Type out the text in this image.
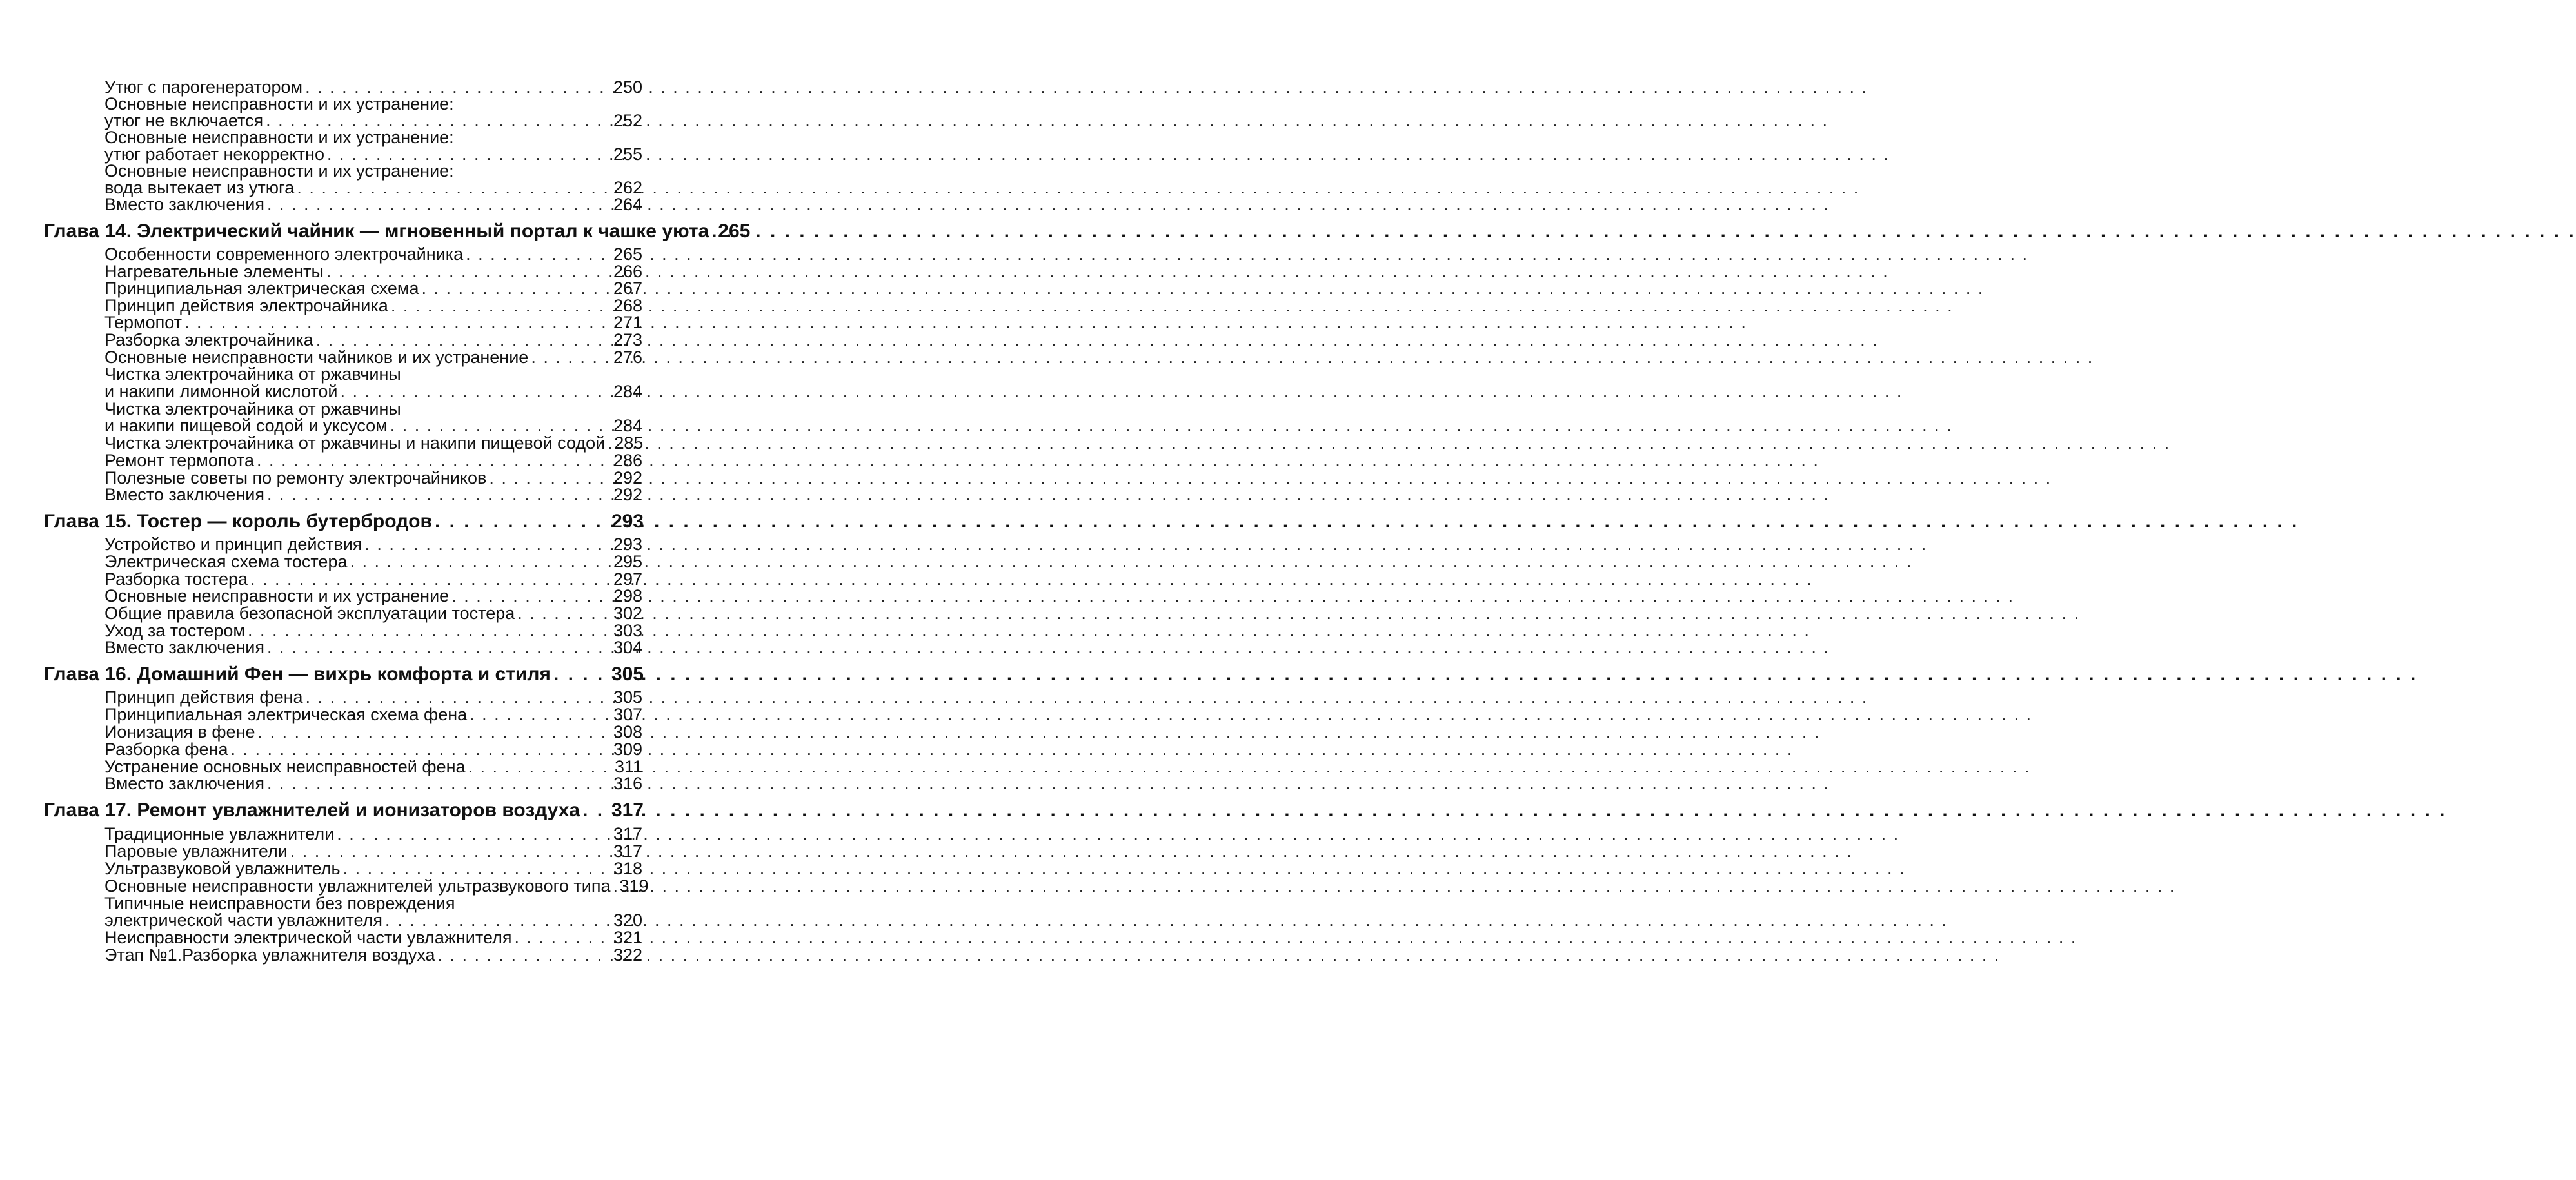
Утюг с парогенератором . . .	250
Основные неисправности и их устранение:
утюг не включается . . .	252
Основные неисправности и их устранение:
утюг работает некорректно . . .	255
Основные неисправности и их устранение:
вода вытекает из утюга . . .	262
Вместо заключения . . .	264
Глава 14. Электрический чайник — мгновенный портал к чашке уюта . . . 265
Особенности современного электрочайника . . .	265
Нагревательные элементы . . .	266
Принципиальная электрическая схема . . .	267
Принцип действия электрочайника . . .	268
Термопот . . .	271
Разборка электрочайника . . .	273
Основные неисправности чайников и их устранение . . .	276
Чистка электрочайника от ржавчины
и накипи лимонной кислотой . . .	284
Чистка электрочайника от ржавчины
и накипи пищевой содой и уксусом . . .	284
Чистка электрочайника от ржавчины и накипи пищевой содой . . . 285
Ремонт термопота . . .	286
Полезные советы по ремонту электрочайников . . .	292
Вместо заключения . . .	292
Глава 15. Тостер — король бутербродов . . .	293
Устройство и принцип действия . . .	293
Электрическая схема тостера . . .	295
Разборка тостера . . .	297
Основные неисправности и их устранение . . .	298
Общие правила безопасной эксплуатации тостера . . .	302
Уход за тостером . . .	303
Вместо заключения . . .	304
Глава 16. Домашний Фен — вихрь комфорта и стиля . . .	305
Принцип действия фена . . .	305
Принципиальная электрическая схема фена . . .	307
Ионизация в фене . . .	308
Разборка фена . . .	309
Устранение основных неисправностей фена . . .	311
Вместо заключения . . .	316
Глава 17. Ремонт увлажнителей и ионизаторов воздуха . . . 317
Традиционные увлажнители . . .	317
Паровые увлажнители . . .	317
Ультразвуковой увлажнитель . . .	318
Основные неисправности увлажнителей ультразвукового типа . . . 319
Типичные неисправности без повреждения
электрической части увлажнителя . . .	320
Неисправности электрической части увлажнителя . . .	321
Этап №1.Разборка увлажнителя воздуха . . .	322
